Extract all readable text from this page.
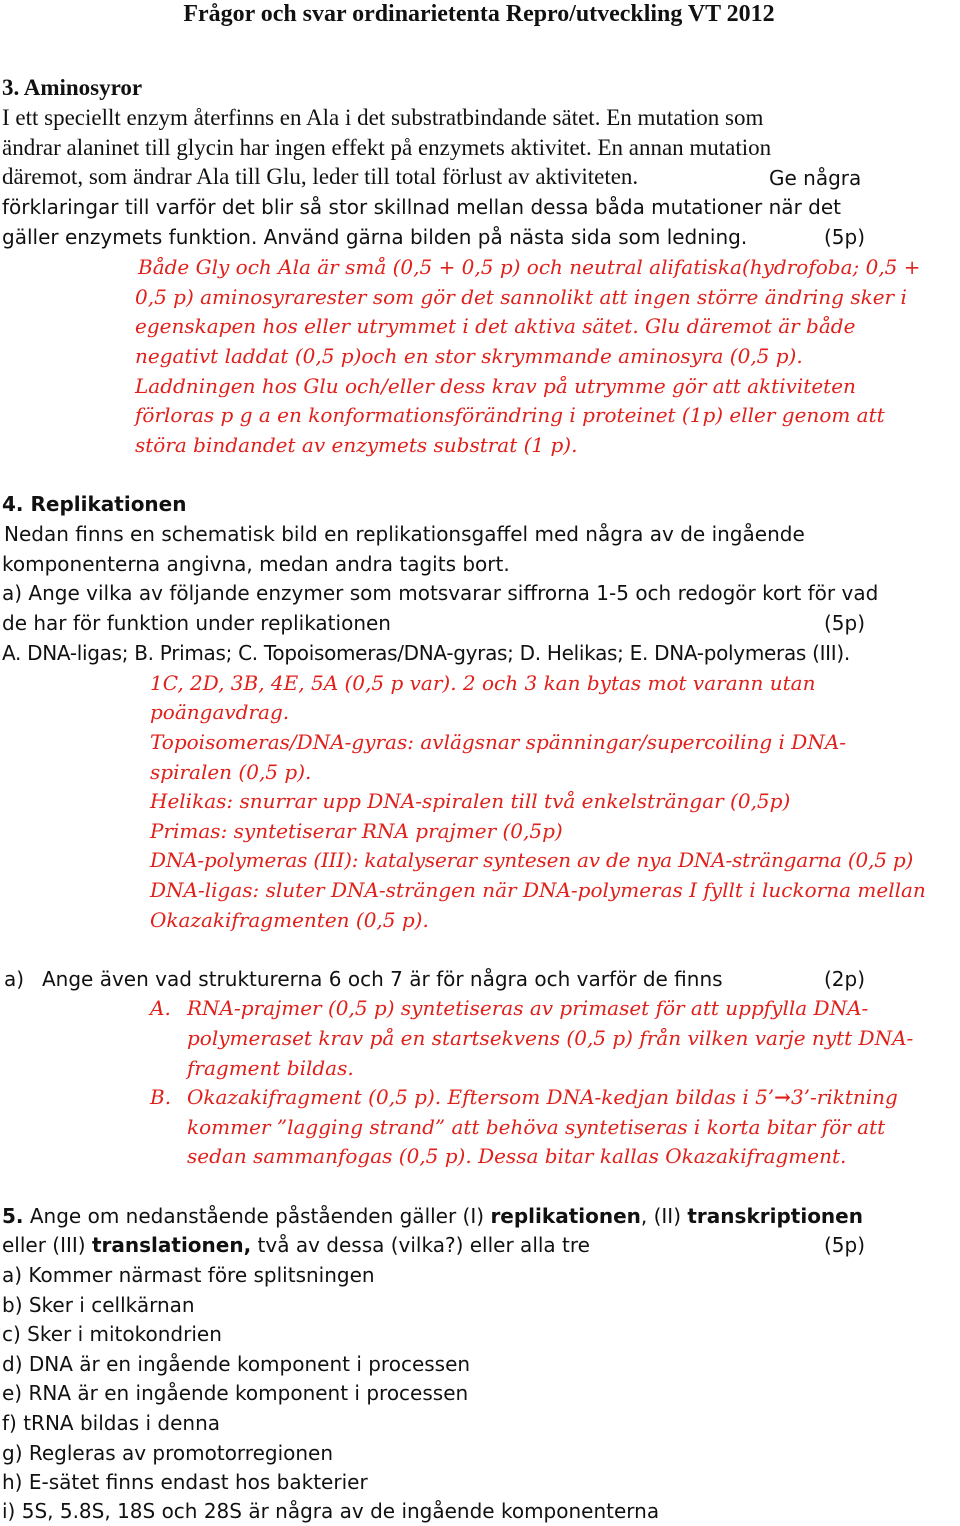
Frågor och svar ordinarietenta Repro/utveckling VT 2012
3. Aminosyror
I ett speciellt enzym återfinns en Ala i det substratbindande sätet. En mutation som
ändrar alaninet till glycin har ingen effekt på enzymets aktivitet. En annan mutation
däremot, som ändrar Ala till Glu, leder till total förlust av aktiviteten.	Ge några
förklaringar till varför det blir så stor skillnad mellan dessa båda mutationer när det
gäller enzymets funktion. Använd gärna bilden på nästa sida som ledning.	(5p)
Både Gly och Ala är små (0,5 + 0,5 p) och neutral alifatiska(hydrofoba; 0,5 +
0,5 p) aminosyrarester som gör det sannolikt att ingen större ändring sker i
egenskapen hos eller utrymmet i det aktiva sätet. Glu däremot är både
negativt laddat (0,5 p)och en stor skrymmande aminosyra (0,5 p).
Laddningen hos Glu och/eller dess krav på utrymme gör att aktiviteten
förloras p g a en konformationsförändring i proteinet (1p) eller genom att
störa bindandet av enzymets substrat (1 p).
4. Replikationen
Nedan finns en schematisk bild en replikationsgaffel med några av de ingående
komponenterna angivna, medan andra tagits bort.
a) Ange vilka av följande enzymer som motsvarar siffrorna 1-5 och redogör kort för vad
de har för funktion under replikationen	(5p)
A. DNA-ligas; B. Primas; C. Topoisomeras/DNA-gyras; D. Helikas; E. DNA-polymeras (III).
1C, 2D, 3B, 4E, 5A (0,5 p var). 2 och 3 kan bytas mot varann utan
poängavdrag.
Topoisomeras/DNA-gyras: avlägsnar spänningar/supercoiling i DNA-
spiralen (0,5 p).
Helikas: snurrar upp DNA-spiralen till två enkelsträngar (0,5p)
Primas: syntetiserar RNA prajmer (0,5p)
DNA-polymeras (III): katalyserar syntesen av de nya DNA-strängarna (0,5 p)
DNA-ligas: sluter DNA-strängen när DNA-polymeras I fyllt i luckorna mellan
Okazakifragmenten (0,5 p).
a) Ange även vad strukturerna 6 och 7 är för några och varför de finns	(2p)
A. RNA-prajmer (0,5 p) syntetiseras av primaset för att uppfylla DNA-
polymeraset krav på en startsekvens (0,5 p) från vilken varje nytt DNA-
fragment bildas.
B. Okazakifragment (0,5 p). Eftersom DNA-kedjan bildas i 5’→3’-riktning
kommer ”lagging strand” att behöva syntetiseras i korta bitar för att
sedan sammanfogas (0,5 p). Dessa bitar kallas Okazakifragment.
5. Ange om nedanstående påståenden gäller (I) replikationen, (II) transkriptionen
eller (III) translationen, två av dessa (vilka?) eller alla tre	(5p)
a) Kommer närmast före splitsningen
b) Sker i cellkärnan
c) Sker i mitokondrien
d) DNA är en ingående komponent i processen
e) RNA är en ingående komponent i processen
f) tRNA bildas i denna
g) Regleras av promotorregionen
h) E-sätet finns endast hos bakterier
i) 5S, 5.8S, 18S och 28S är några av de ingående komponenterna
